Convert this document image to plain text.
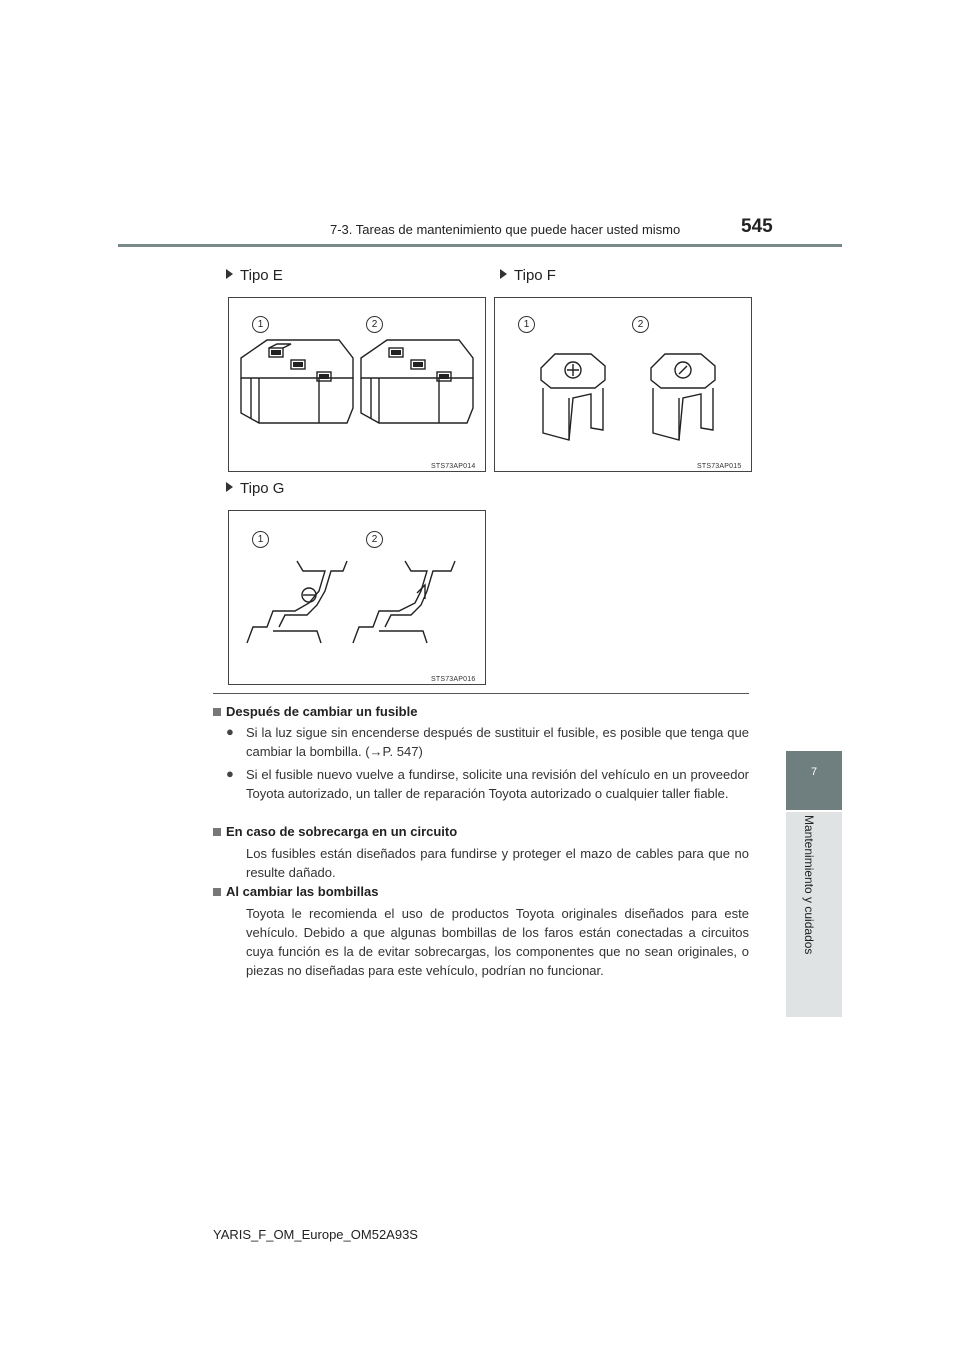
7-3. Tareas de mantenimiento que puede hacer usted mismo	545
7
Mantenimiento y cuidados
Tipo E	Tipo F
Tipo G
1	2
STS73AP014
1	2
STS73AP015
1	2
STS73AP016
Después de cambiar un fusible
● Si la luz sigue sin encenderse después de sustituir el fusible, es posible que tenga que cambiar la bombilla. (→P. 547)
● Si el fusible nuevo vuelve a fundirse, solicite una revisión del vehículo en un proveedor Toyota autorizado, un taller de reparación Toyota autorizado o cualquier taller fiable.
En caso de sobrecarga en un circuito
Los fusibles están diseñados para fundirse y proteger el mazo de cables para que no resulte dañado.
Al cambiar las bombillas
Toyota le recomienda el uso de productos Toyota originales diseñados para este vehículo. Debido a que algunas bombillas de los faros están conectadas a circuitos cuya función es la de evitar sobrecargas, los componentes que no sean originales, o piezas no diseñadas para este vehículo, podrían no funcionar.
YARIS_F_OM_Europe_OM52A93S
